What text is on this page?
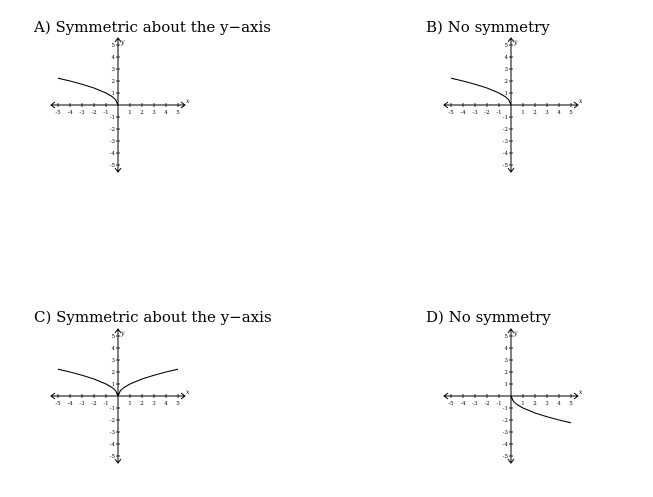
A) Symmetric about the y−axis
-5 -4 -3 -2 -1	1 2 3 4 5
5
4
3
2
1
-1
-2
-3
-4
-5
x
y
B) No symmetry
-5 -4 -3 -2 -1	1 2 3 4 5
5
4
3
2
1
-1
-2
-3
-4
-5
x
y
C) Symmetric about the y−axis
-5 -4 -3 -2 -1	1 2 3 4 5
5
4
3
2
1
-1
-2
-3
-4
-5
x
y
D) No symmetry
-5 -4 -3 -2 -1	1 2 3 4 5
5
4
3
2
1
-1
-2
-3
-4
-5
x
y
